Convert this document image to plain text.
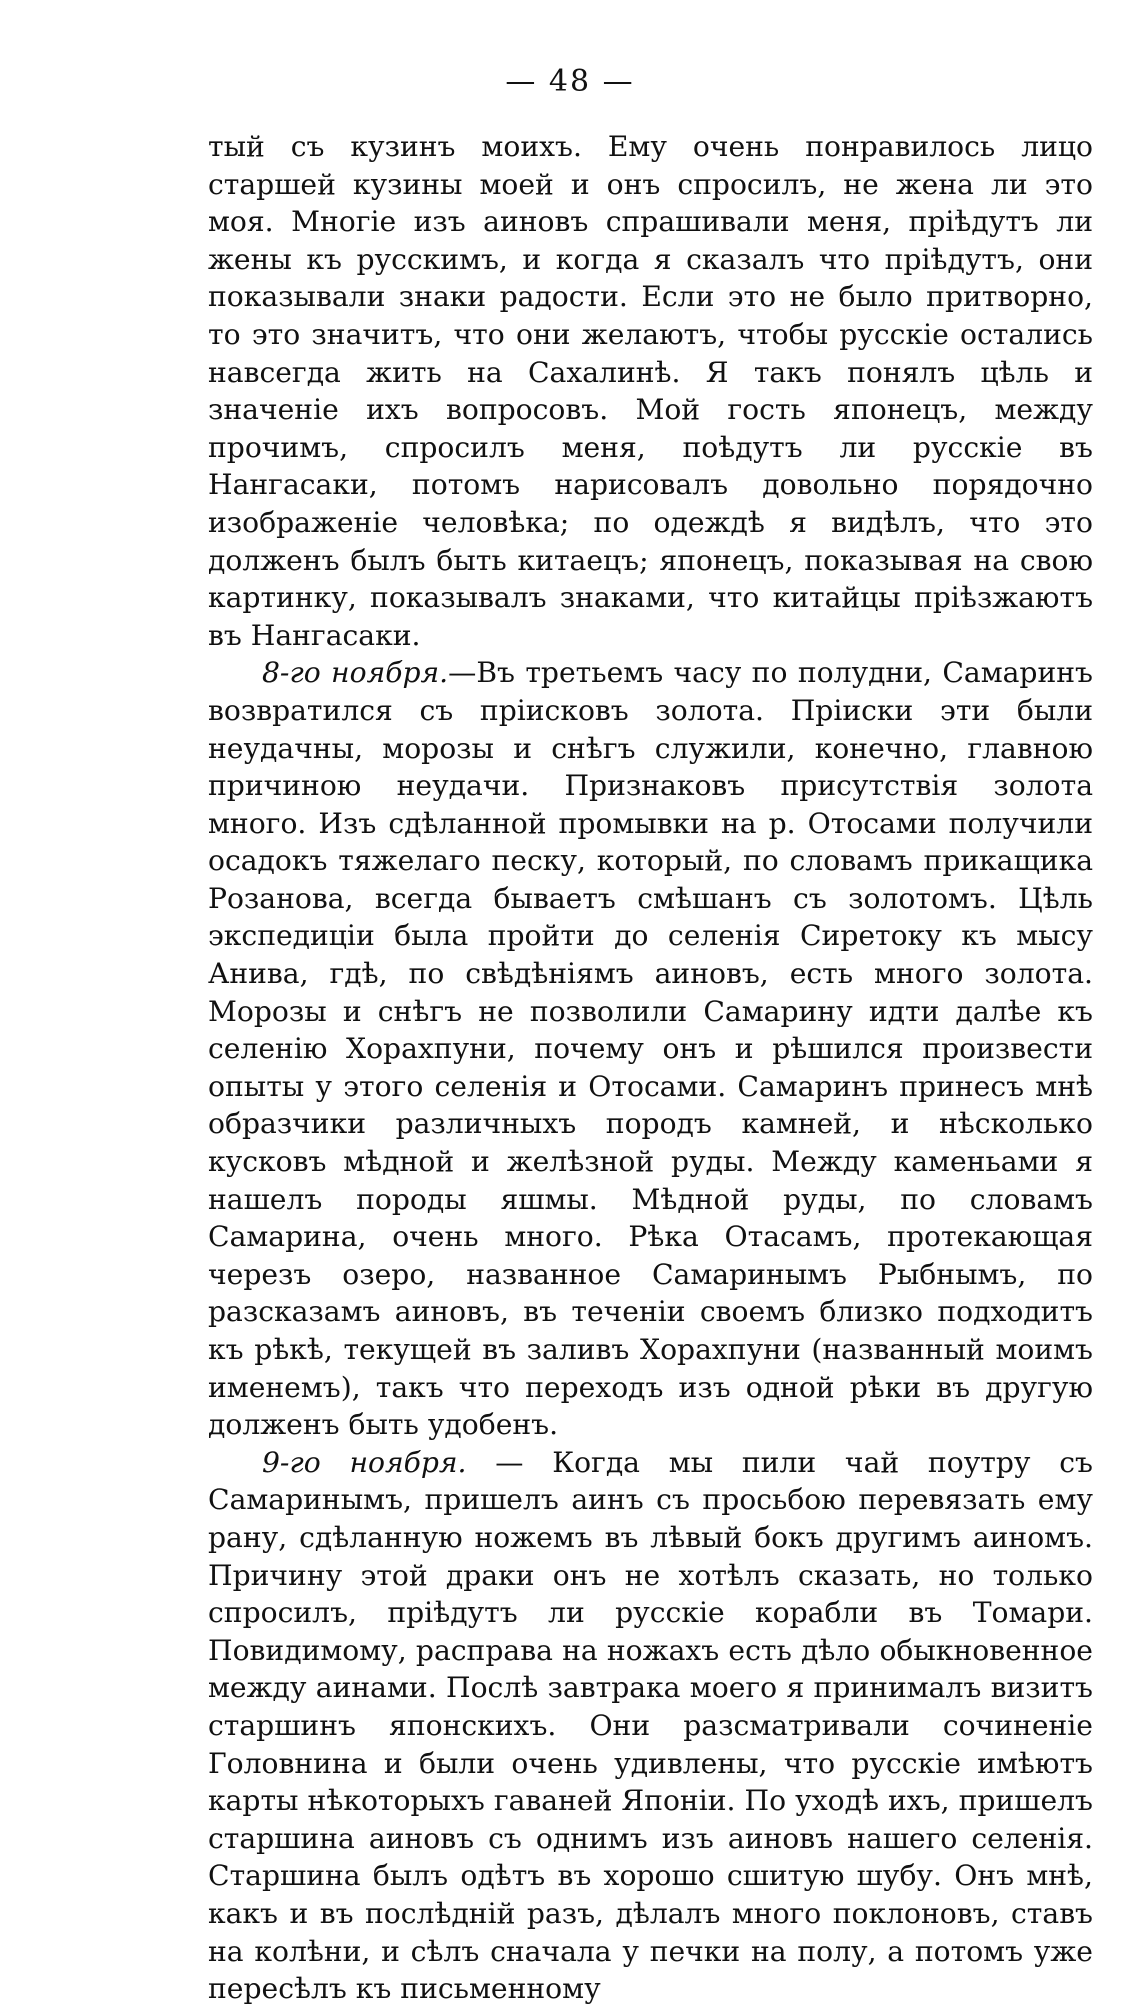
— 48 —

тый съ кузинъ моихъ. Ему очень понравилось лицо старшей кузины моей и онъ спросилъ, не жена ли это моя. Многіе изъ аиновъ спрашивали меня, пріѣдутъ ли жены къ русскимъ, и когда я сказалъ что пріѣдутъ, они показывали знаки радости. Если это не было притворно, то это значитъ, что они желаютъ, чтобы русскіе остались навсегда жить на Сахалинѣ. Я такъ понялъ цѣль и значеніе ихъ вопросовъ. Мой гость японецъ, между прочимъ, спросилъ меня, поѣдутъ ли русскіе въ Нангасаки, потомъ нарисовалъ довольно порядочно изображеніе человѣка; по одеждѣ я видѣлъ, что это долженъ былъ быть китаецъ; японецъ, показывая на свою картинку, показывалъ знаками, что китайцы пріѣзжаютъ въ Нангасаки.

8-го ноября.—Въ третьемъ часу по полудни, Самаринъ возвратился съ пріисковъ золота. Пріиски эти были неудачны, морозы и снѣгъ служили, конечно, главною причиною неудачи. Признаковъ присутствія золота много. Изъ сдѣланной промывки на р. Отосами получили осадокъ тяжелаго песку, который, по словамъ прикащика Розанова, всегда бываетъ смѣшанъ съ золотомъ. Цѣль экспедиціи была пройти до селенія Сиретоку къ мысу Анива, гдѣ, по свѣдѣніямъ аиновъ, есть много золота. Морозы и снѣгъ не позволили Самарину идти далѣе къ селенію Хорахпуни, почему онъ и рѣшился произвести опыты у этого селенія и Отосами. Самаринъ принесъ мнѣ образчики различныхъ породъ камней, и нѣсколько кусковъ мѣдной и желѣзной руды. Между каменьами я нашелъ породы яшмы. Мѣдной руды, по словамъ Самарина, очень много. Рѣка Отасамъ, протекающая черезъ озеро, названное Самаринымъ Рыбнымъ, по разсказамъ аиновъ, въ теченіи своемъ близко подходитъ къ рѣкѣ, текущей въ заливъ Хорахпуни (названный моимъ именемъ), такъ что переходъ изъ одной рѣки въ другую долженъ быть удобенъ.

9-го ноября. — Когда мы пили чай поутру съ Самаринымъ, пришелъ аинъ съ просьбою перевязать ему рану, сдѣланную ножемъ въ лѣвый бокъ другимъ аиномъ. Причину этой драки онъ не хотѣлъ сказать, но только спросилъ, пріѣдутъ ли русскіе корабли въ Томари. Повидимому, расправа на ножахъ есть дѣло обыкновенное между аинами. Послѣ завтрака моего я принималъ визитъ старшинъ японскихъ. Они разсматривали сочиненіе Головнина и были очень удивлены, что русскіе имѣютъ карты нѣкоторыхъ гаваней Японіи. По уходѣ ихъ, пришелъ старшина аиновъ съ однимъ изъ аиновъ нашего селенія. Старшина былъ одѣтъ въ хорошо сшитую шубу. Онъ мнѣ, какъ и въ послѣдній разъ, дѣлалъ много поклоновъ, ставъ на колѣни, и сѣлъ сначала у печки на полу, а потомъ уже пересѣлъ къ письменному
